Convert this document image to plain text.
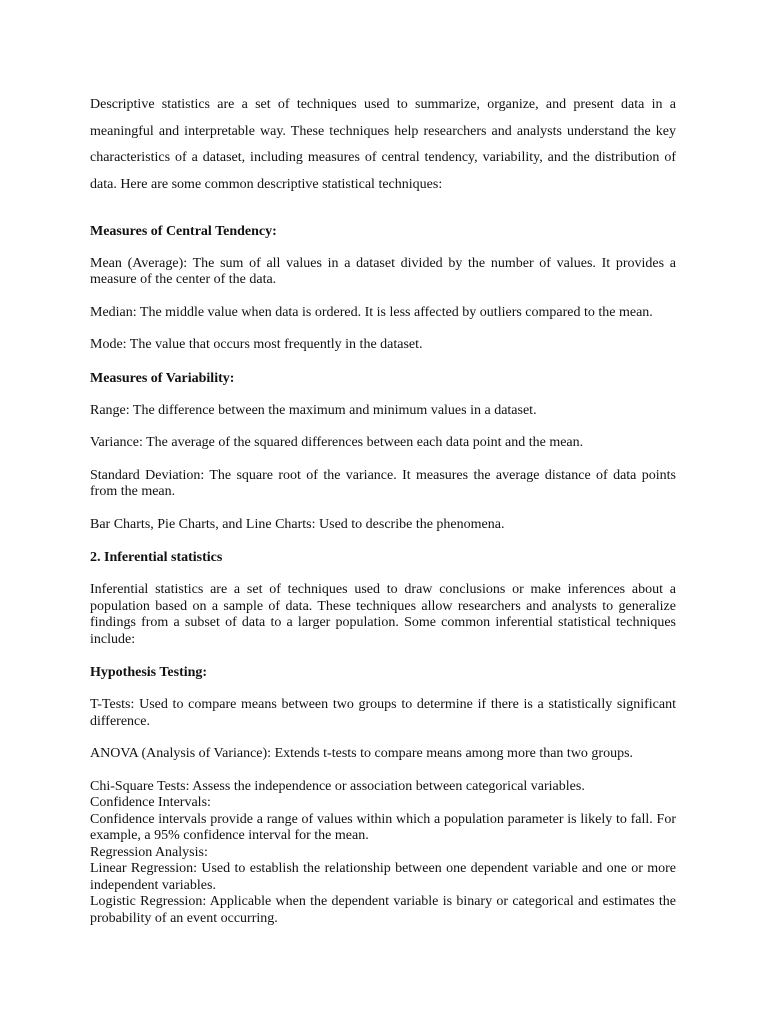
Descriptive statistics are a set of techniques used to summarize, organize, and present data in a meaningful and interpretable way. These techniques help researchers and analysts understand the key characteristics of a dataset, including measures of central tendency, variability, and the distribution of data. Here are some common descriptive statistical techniques:

Measures of Central Tendency:

Mean (Average): The sum of all values in a dataset divided by the number of values. It provides a measure of the center of the data.

Median: The middle value when data is ordered. It is less affected by outliers compared to the mean.

Mode: The value that occurs most frequently in the dataset.

Measures of Variability:

Range: The difference between the maximum and minimum values in a dataset.

Variance: The average of the squared differences between each data point and the mean.

Standard Deviation: The square root of the variance. It measures the average distance of data points from the mean.

Bar Charts, Pie Charts, and Line Charts: Used to describe the phenomena.

2. Inferential statistics

Inferential statistics are a set of techniques used to draw conclusions or make inferences about a population based on a sample of data. These techniques allow researchers and analysts to generalize findings from a subset of data to a larger population. Some common inferential statistical techniques include:

Hypothesis Testing:

T-Tests: Used to compare means between two groups to determine if there is a statistically significant difference.

ANOVA (Analysis of Variance): Extends t-tests to compare means among more than two groups.

Chi-Square Tests: Assess the independence or association between categorical variables.

Confidence Intervals:

Confidence intervals provide a range of values within which a population parameter is likely to fall. For example, a 95% confidence interval for the mean.

Regression Analysis:

Linear Regression: Used to establish the relationship between one dependent variable and one or more independent variables.

Logistic Regression: Applicable when the dependent variable is binary or categorical and estimates the probability of an event occurring.
